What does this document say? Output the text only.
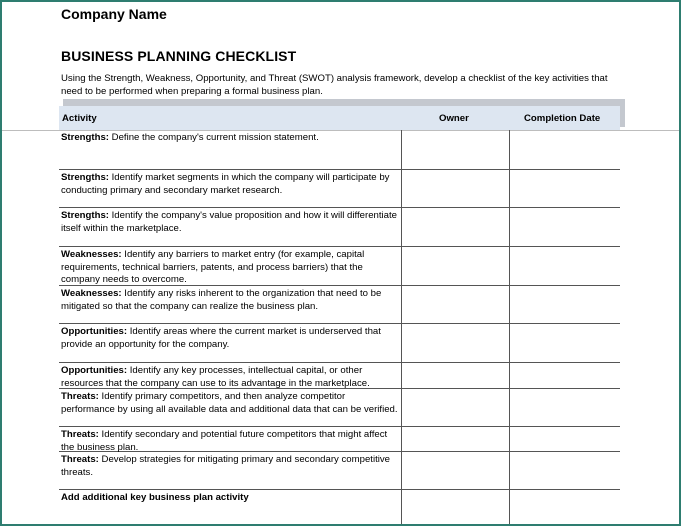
Company Name
BUSINESS PLANNING CHECKLIST
Using the Strength, Weakness, Opportunity, and Threat (SWOT) analysis framework, develop a checklist of the key activities that need to be performed when preparing a formal business plan.
Activity	Owner	Completion Date
Strengths: Define the company's current mission statement.
Strengths: Identify market segments in which the company will participate by conducting primary and secondary market research.
Strengths: Identify the company's value proposition and how it will differentiate itself within the marketplace.
Weaknesses: Identify any barriers to market entry (for example, capital requirements, technical barriers, patents, and process barriers) that the company needs to overcome.
Weaknesses: Identify any risks inherent to the organization that need to be mitigated so that the company can realize the business plan.
Opportunities: Identify areas where the current market is underserved that provide an opportunity for the company.
Opportunities: Identify any key processes, intellectual capital, or other resources that the company can use to its advantage in the marketplace.
Threats: Identify primary competitors, and then analyze competitor performance by using all available data and additional data that can be verified.
Threats: Identify secondary and potential future competitors that might affect the business plan.
Threats: Develop strategies for mitigating primary and secondary competitive threats.
Add additional key business plan activity
